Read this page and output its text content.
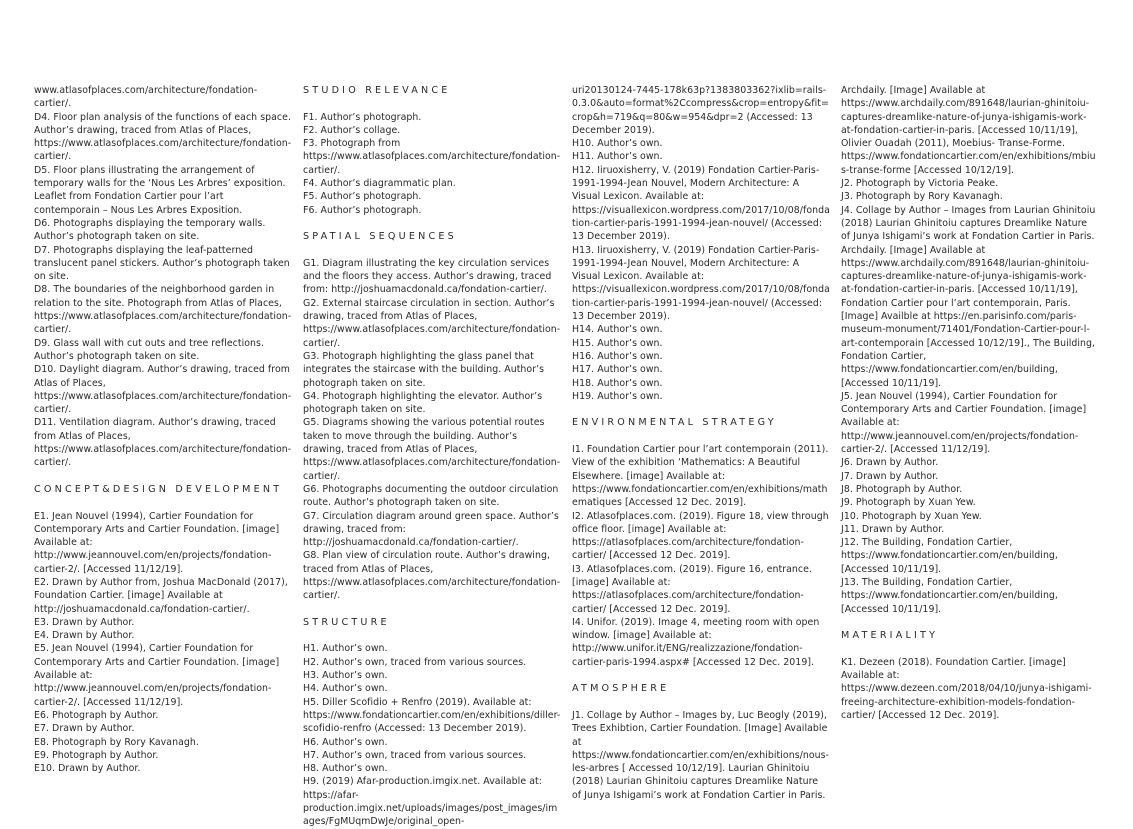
www.atlasofplaces.com/architecture/fondation-cartier/.

D4. Floor plan analysis of the functions of each space. Author’s drawing, traced from Atlas of Places, https://www.atlasofplaces.com/architecture/fondation-cartier/.

D5. Floor plans illustrating the arrangement of temporary walls for the ‘Nous Les Arbres’ exposition. Leaflet from Fondation Cartier pour l’art contemporain – Nous Les Arbres Exposition.

D6. Photographs displaying the temporary walls. Author’s photograph taken on site.

D7. Photographs displaying the leaf-patterned translucent panel stickers. Author’s photograph taken on site.

D8. The boundaries of the neighborhood garden in relation to the site. Photograph from Atlas of Places, https://www.atlasofplaces.com/architecture/fondation-cartier/.

D9. Glass wall with cut outs and tree reflections. Author’s photograph taken on site.

D10. Daylight diagram. Author’s drawing, traced from Atlas of Places, https://www.atlasofplaces.com/architecture/fondation-cartier/.

D11. Ventilation diagram. Author’s drawing, traced from Atlas of Places, https://www.atlasofplaces.com/architecture/fondation-cartier/.

CONCEPT&DESIGN DEVELOPMENT

E1. Jean Nouvel (1994), Cartier Foundation for Contemporary Arts and Cartier Foundation. [image] Available at: http://www.jeannouvel.com/en/projects/fondation-cartier-2/. [Accessed 11/12/19].

E2. Drawn by Author from, Joshua MacDonald (2017), Foundation Cartier. [image] Available at http://joshuamacdonald.ca/fondation-cartier/.

E3. Drawn by Author.

E4. Drawn by Author.

E5. Jean Nouvel (1994), Cartier Foundation for Contemporary Arts and Cartier Foundation. [image] Available at: http://www.jeannouvel.com/en/projects/fondation-cartier-2/. [Accessed 11/12/19].

E6. Photograph by Author.

E7. Drawn by Author.

E8. Photograph by Rory Kavanagh.

E9. Photograph by Author.

E10. Drawn by Author.

STUDIO RELEVANCE

F1. Author’s photograph.

F2. Author’s collage.

F3. Photograph from https://www.atlasofplaces.com/architecture/fondation-cartier/.

F4. Author’s diagrammatic plan.

F5. Author’s photograph.

F6. Author’s photograph.

SPATIAL SEQUENCES

G1. Diagram illustrating the key circulation services and the floors they access. Author’s drawing, traced from: http://joshuamacdonald.ca/fondation-cartier/.

G2. External staircase circulation in section. Author’s drawing, traced from Atlas of Places, https://www.atlasofplaces.com/architecture/fondation-cartier/.

G3. Photograph highlighting the glass panel that integrates the staircase with the building. Author’s photograph taken on site.

G4. Photograph highlighting the elevator. Author’s photograph taken on site.

G5. Diagrams showing the various potential routes taken to move through the building. Author’s drawing, traced from Atlas of Places, https://www.atlasofplaces.com/architecture/fondation-cartier/.

G6. Photographs documenting the outdoor circulation route. Author’s photograph taken on site.

G7. Circulation diagram around green space. Author’s drawing, traced from: http://joshuamacdonald.ca/fondation-cartier/.

G8. Plan view of circulation route. Author’s drawing, traced from Atlas of Places, https://www.atlasofplaces.com/architecture/fondation-cartier/.

STRUCTURE

H1. Author’s own.

H2. Author’s own, traced from various sources.

H3. Author’s own.

H4. Author’s own.

H5. Diller Scofidio + Renfro (2019). Available at: https://www.fondationcartier.com/en/exhibitions/diller-scofidio-renfro (Accessed: 13 December 2019).

H6. Author’s own.

H7. Author’s own, traced from various sources.

H8. Author’s own.

H9. (2019) Afar-production.imgix.net. Available at: https://afar-production.imgix.net/uploads/images/post_images/images/FgMUqmDwJe/original_open-

uri20130124-7445-178k63p?1383803362?ixlib=rails-0.3.0&auto=format%2Ccompress&crop=entropy&fit=crop&h=719&q=80&w=954&dpr=2 (Accessed: 13 December 2019).

H10. Author’s own.

H11. Author’s own.

H12. Iiruoxisherry, V. (2019) Fondation Cartier-Paris-1991-1994-Jean Nouvel, Modern Architecture: A Visual Lexicon. Available at: https://visuallexicon.wordpress.com/2017/10/08/fondation-cartier-paris-1991-1994-jean-nouvel/ (Accessed: 13 December 2019).

H13. Iiruoxisherry, V. (2019) Fondation Cartier-Paris-1991-1994-Jean Nouvel, Modern Architecture: A Visual Lexicon. Available at: https://visuallexicon.wordpress.com/2017/10/08/fondation-cartier-paris-1991-1994-jean-nouvel/ (Accessed: 13 December 2019).

H14. Author’s own.

H15. Author’s own.

H16. Author’s own.

H17. Author’s own.

H18. Author’s own.

H19. Author’s own.

ENVIRONMENTAL STRATEGY

I1. Foundation Cartier pour l’art contemporain (2011). View of the exhibition ‘Mathematics: A Beautiful Elsewhere. [image] Available at: https://www.fondationcartier.com/en/exhibitions/mathematiques [Accessed 12 Dec. 2019].

I2. Atlasofplaces.com. (2019). Figure 18, view through office floor. [image] Available at: https://atlasofplaces.com/architecture/fondation-cartier/ [Accessed 12 Dec. 2019].

I3. Atlasofplaces.com. (2019). Figure 16, entrance. [image] Available at: https://atlasofplaces.com/architecture/fondation-cartier/ [Accessed 12 Dec. 2019].

I4. Unifor. (2019). Image 4, meeting room with open window. [image] Available at: http://www.unifor.it/ENG/realizzazione/fondation-cartier-paris-1994.aspx# [Accessed 12 Dec. 2019].

ATMOSPHERE

J1. Collage by Author – Images by, Luc Beogly (2019), Trees Exhibtion, Cartier Foundation. [Image] Available at https://www.fondationcartier.com/en/exhibitions/nous-les-arbres [ Accessed 10/12/19]. Laurian Ghinitoiu (2018) Laurian Ghinitoiu captures Dreamlike Nature of Junya Ishigami’s work at Fondation Cartier in Paris.

Archdaily. [Image] Available at https://www.archdaily.com/891648/laurian-ghinitoiu-captures-dreamlike-nature-of-junya-ishigamis-work-at-fondation-cartier-in-paris. [Accessed 10/11/19], Olivier Ouadah (2011), Moebius- Transe-Forme. https://www.fondationcartier.com/en/exhibitions/mbius-transe-forme [Accessed 10/12/19].

J2. Photograph by Victoria Peake.

J3. Photograph by Rory Kavanagh.

J4. Collage by Author – Images from Laurian Ghinitoiu (2018) Laurian Ghinitoiu captures Dreamlike Nature of Junya Ishigami’s work at Fondation Cartier in Paris. Archdaily. [Image] Available at https://www.archdaily.com/891648/laurian-ghinitoiu-captures-dreamlike-nature-of-junya-ishigamis-work-at-fondation-cartier-in-paris. [Accessed 10/11/19], Fondation Cartier pour l’art contemporain, Paris. [Image] Availble at https://en.parisinfo.com/paris-museum-monument/71401/Fondation-Cartier-pour-l-art-contemporain [Accessed 10/12/19]., The Building, Fondation Cartier, https://www.fondationcartier.com/en/building, [Accessed 10/11/19].

J5. Jean Nouvel (1994), Cartier Foundation for Contemporary Arts and Cartier Foundation. [image] Available at: http://www.jeannouvel.com/en/projects/fondation-cartier-2/. [Accessed 11/12/19].

J6. Drawn by Author.

J7. Drawn by Author.

J8. Photograph by Author.

J9. Photograph by Xuan Yew.

J10. Photograph by Xuan Yew.

J11. Drawn by Author.

J12. The Building, Fondation Cartier, https://www.fondationcartier.com/en/building, [Accessed 10/11/19].

J13. The Building, Fondation Cartier, https://www.fondationcartier.com/en/building, [Accessed 10/11/19].

MATERIALITY

K1. Dezeen (2018). Foundation Cartier. [image] Available at: https://www.dezeen.com/2018/04/10/junya-ishigami-freeing-architecture-exhibition-models-fondation-cartier/ [Accessed 12 Dec. 2019].
